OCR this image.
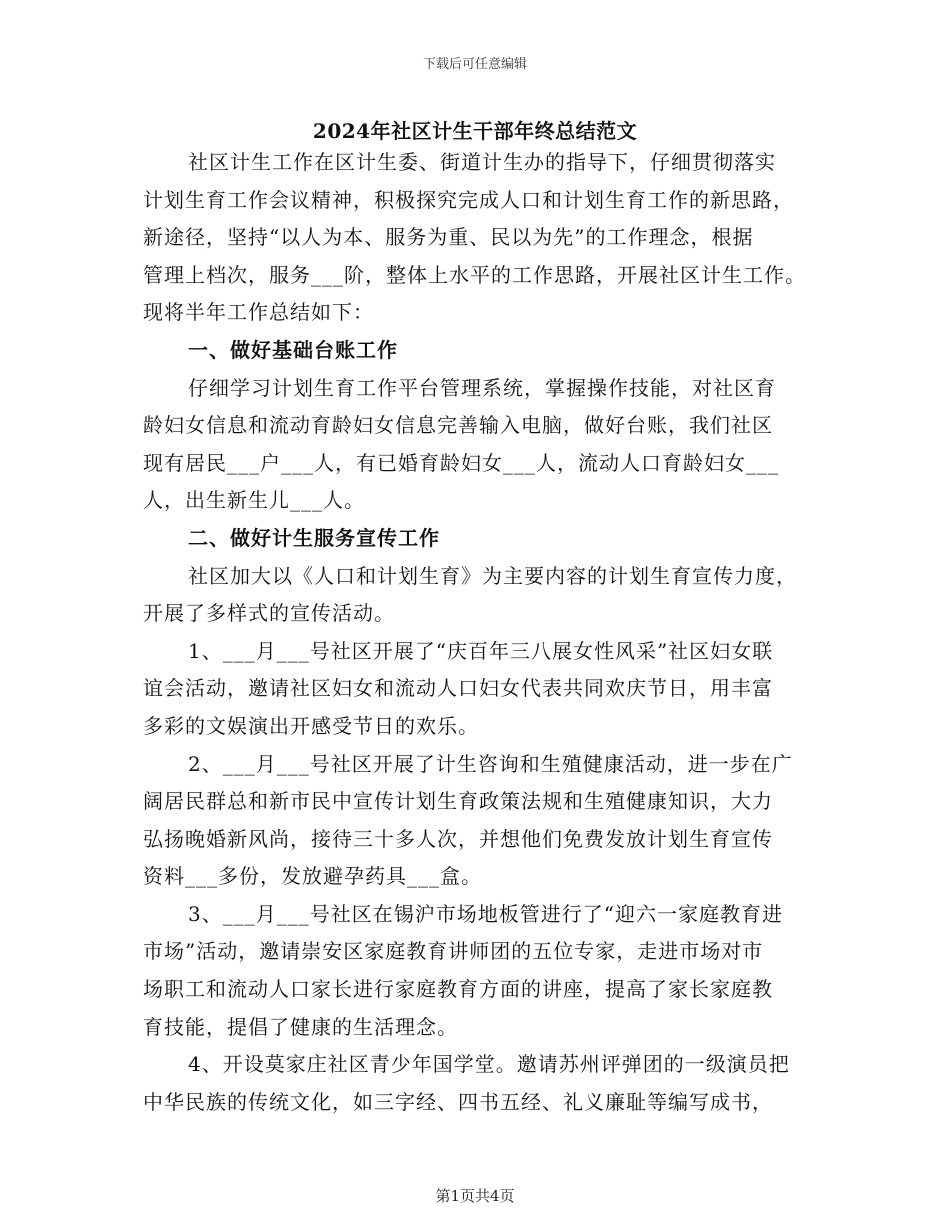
下载后可任意编辑
2024年社区计生干部年终总结范文
社区计生工作在区计生委、街道计生办的指导下，仔细贯彻落实
计划生育工作会议精神，积极探究完成人口和计划生育工作的新思路，
新途径，坚持“以人为本、服务为重、民以为先”的工作理念，根据
管理上档次，服务___阶，整体上水平的工作思路，开展社区计生工作。
现将半年工作总结如下：
一、做好基础台账工作
仔细学习计划生育工作平台管理系统，掌握操作技能，对社区育
龄妇女信息和流动育龄妇女信息完善输入电脑，做好台账，我们社区
现有居民___户___人，有已婚育龄妇女___人，流动人口育龄妇女___
人，出生新生儿___人。
二、做好计生服务宣传工作
社区加大以《人口和计划生育》为主要内容的计划生育宣传力度，
开展了多样式的宣传活动。
1、___月___号社区开展了“庆百年三八展女性风采”社区妇女联
谊会活动，邀请社区妇女和流动人口妇女代表共同欢庆节日，用丰富
多彩的文娱演出开感受节日的欢乐。
2、___月___号社区开展了计生咨询和生殖健康活动，进一步在广
阔居民群总和新市民中宣传计划生育政策法规和生殖健康知识，大力
弘扬晚婚新风尚，接待三十多人次，并想他们免费发放计划生育宣传
资料___多份，发放避孕药具___盒。
3、___月___号社区在锡沪市场地板管进行了“迎六一家庭教育进
市场”活动，邀请崇安区家庭教育讲师团的五位专家，走进市场对市
场职工和流动人口家长进行家庭教育方面的讲座，提高了家长家庭教
育技能，提倡了健康的生活理念。
4、开设莫家庄社区青少年国学堂。邀请苏州评弹团的一级演员把
中华民族的传统文化，如三字经、四书五经、礼义廉耻等编写成书，
第1页共4页
